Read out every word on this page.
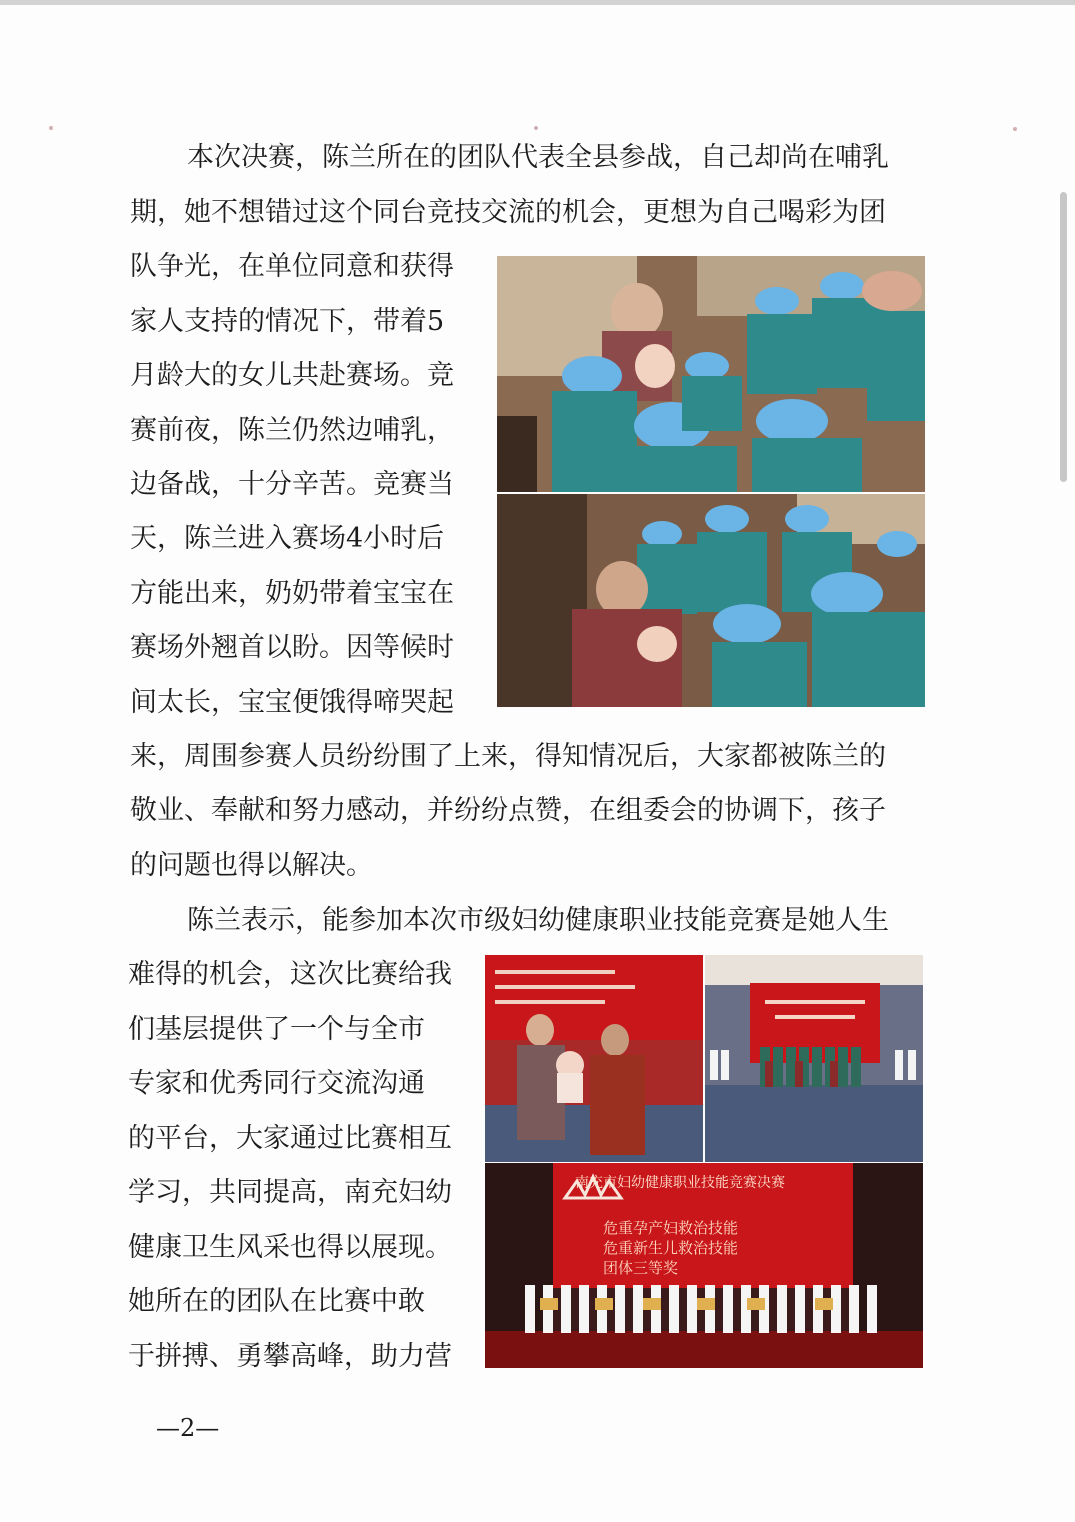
本次决赛，陈兰所在的团队代表全县参战，自己却尚在哺乳
期，她不想错过这个同台竞技交流的机会，更想为自己喝彩为团
队争光，在单位同意和获得
家人支持的情况下，带着5
月龄大的女儿共赴赛场。竞
赛前夜，陈兰仍然边哺乳，
边备战，十分辛苦。竞赛当
天，陈兰进入赛场4小时后
方能出来，奶奶带着宝宝在
赛场外翘首以盼。因等候时
间太长，宝宝便饿得啼哭起
来，周围参赛人员纷纷围了上来，得知情况后，大家都被陈兰的
敬业、奉献和努力感动，并纷纷点赞，在组委会的协调下，孩子
的问题也得以解决。
陈兰表示，能参加本次市级妇幼健康职业技能竞赛是她人生
难得的机会，这次比赛给我
们基层提供了一个与全市
专家和优秀同行交流沟通
的平台，大家通过比赛相互
学习，共同提高，南充妇幼
健康卫生风采也得以展现。
她所在的团队在比赛中敢
于拼搏、勇攀高峰，助力营
南充市妇幼健康职业技能竞赛决赛
危重孕产妇救治技能
危重新生儿救治技能
团体三等奖
—2—
